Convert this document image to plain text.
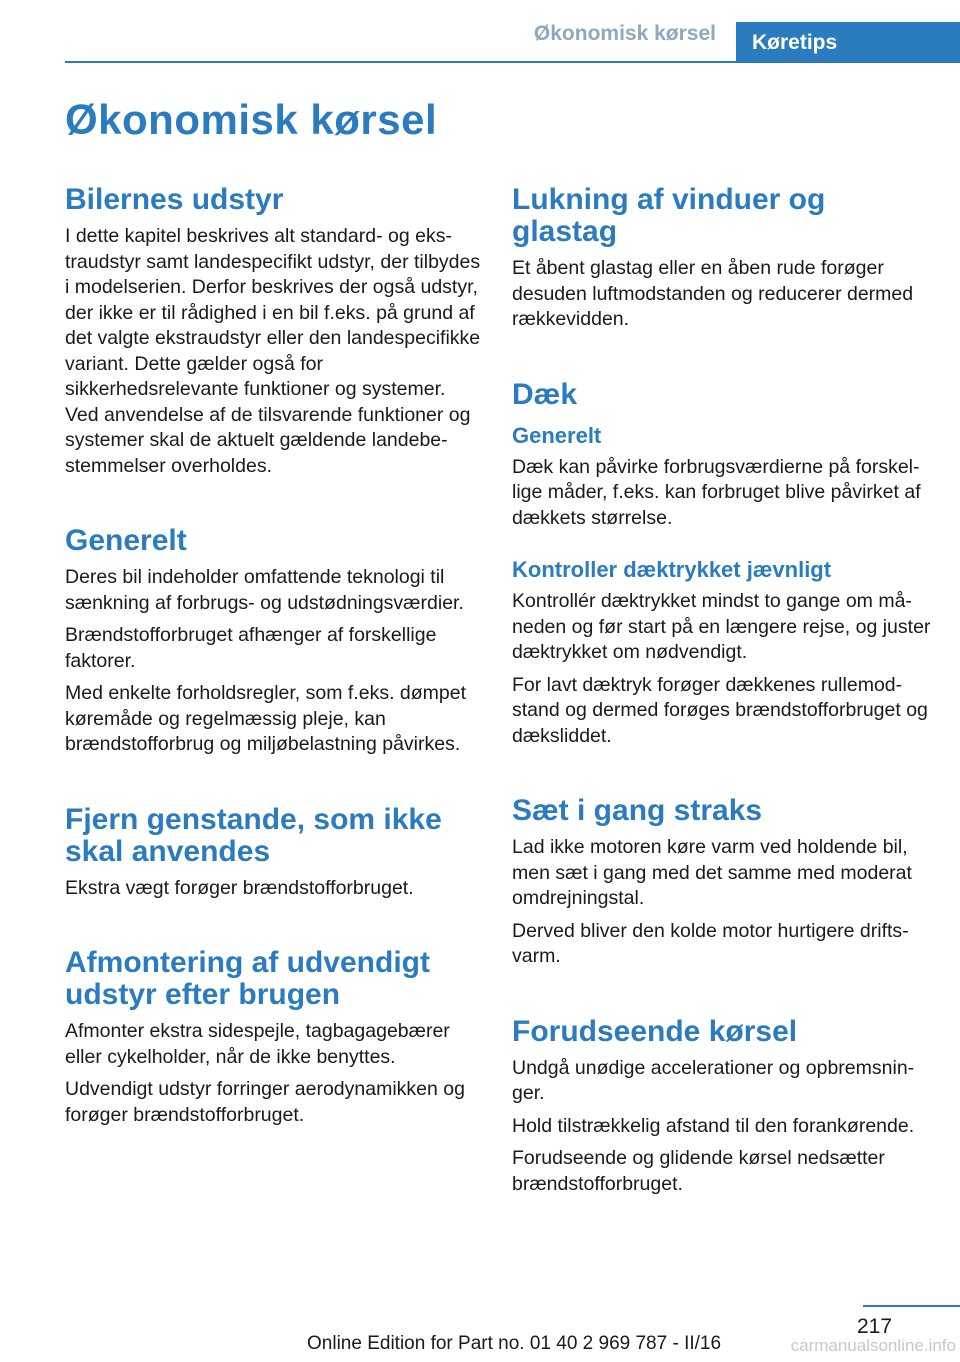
Økonomisk kørsel	Køretips
Økonomisk kørsel
Bilernes udstyr

I dette kapitel beskrives alt standard- og ekstraudstyr samt landespecifikt udstyr, der tilbydes i modelserien. Derfor beskrives der også udstyr, der ikke er til rådighed i en bil f.eks. på grund af det valgte ekstraudstyr eller den landespecifikke variant. Dette gælder også for sikkerhedsrelevante funktioner og systemer. Ved anvendelse af de tilsvarende funktioner og systemer skal de aktuelt gældende landebestemmelser overholdes.

Generelt

Deres bil indeholder omfattende teknologi til sænkning af forbrugs- og udstødningsværdier.

Brændstofforbruget afhænger af forskellige faktorer.

Med enkelte forholdsregler, som f.eks. dømpet køremåde og regelmæssig pleje, kan brændstofforbrug og miljøbelastning påvirkes.

Fjern genstande, som ikke skal anvendes

Ekstra vægt forøger brændstofforbruget.

Afmontering af udvendigt udstyr efter brugen

Afmonter ekstra sidespejle, tagbagagebærer eller cykelholder, når de ikke benyttes.

Udvendigt udstyr forringer aerodynamikken og forøger brændstofforbruget.

Lukning af vinduer og glastag

Et åbent glastag eller en åben rude forøger desuden luftmodstanden og reducerer dermed rækkevidden.

Dæk
Generelt

Dæk kan påvirke forbrugsværdierne på forskellige måder, f.eks. kan forbruget blive påvirket af dækkets størrelse.

Kontroller dæktrykket jævnligt

Kontrollér dæktrykket mindst to gange om måneden og før start på en længere rejse, og juster dæktrykket om nødvendigt.

For lavt dæktryk forøger dækkenes rullemodstand og dermed forøges brændstofforbruget og dæksliddet.

Sæt i gang straks

Lad ikke motoren køre varm ved holdende bil, men sæt i gang med det samme med moderat omdrejningstal.

Derved bliver den kolde motor hurtigere driftsvarm.

Forudseende kørsel

Undgå unødige accelerationer og opbremsninger.

Hold tilstrækkelig afstand til den forankørende.

Forudseende og glidende kørsel nedsætter brændstofforbruget.

217
Online Edition for Part no. 01 40 2 969 787 - II/16	carmanualsonline.info
